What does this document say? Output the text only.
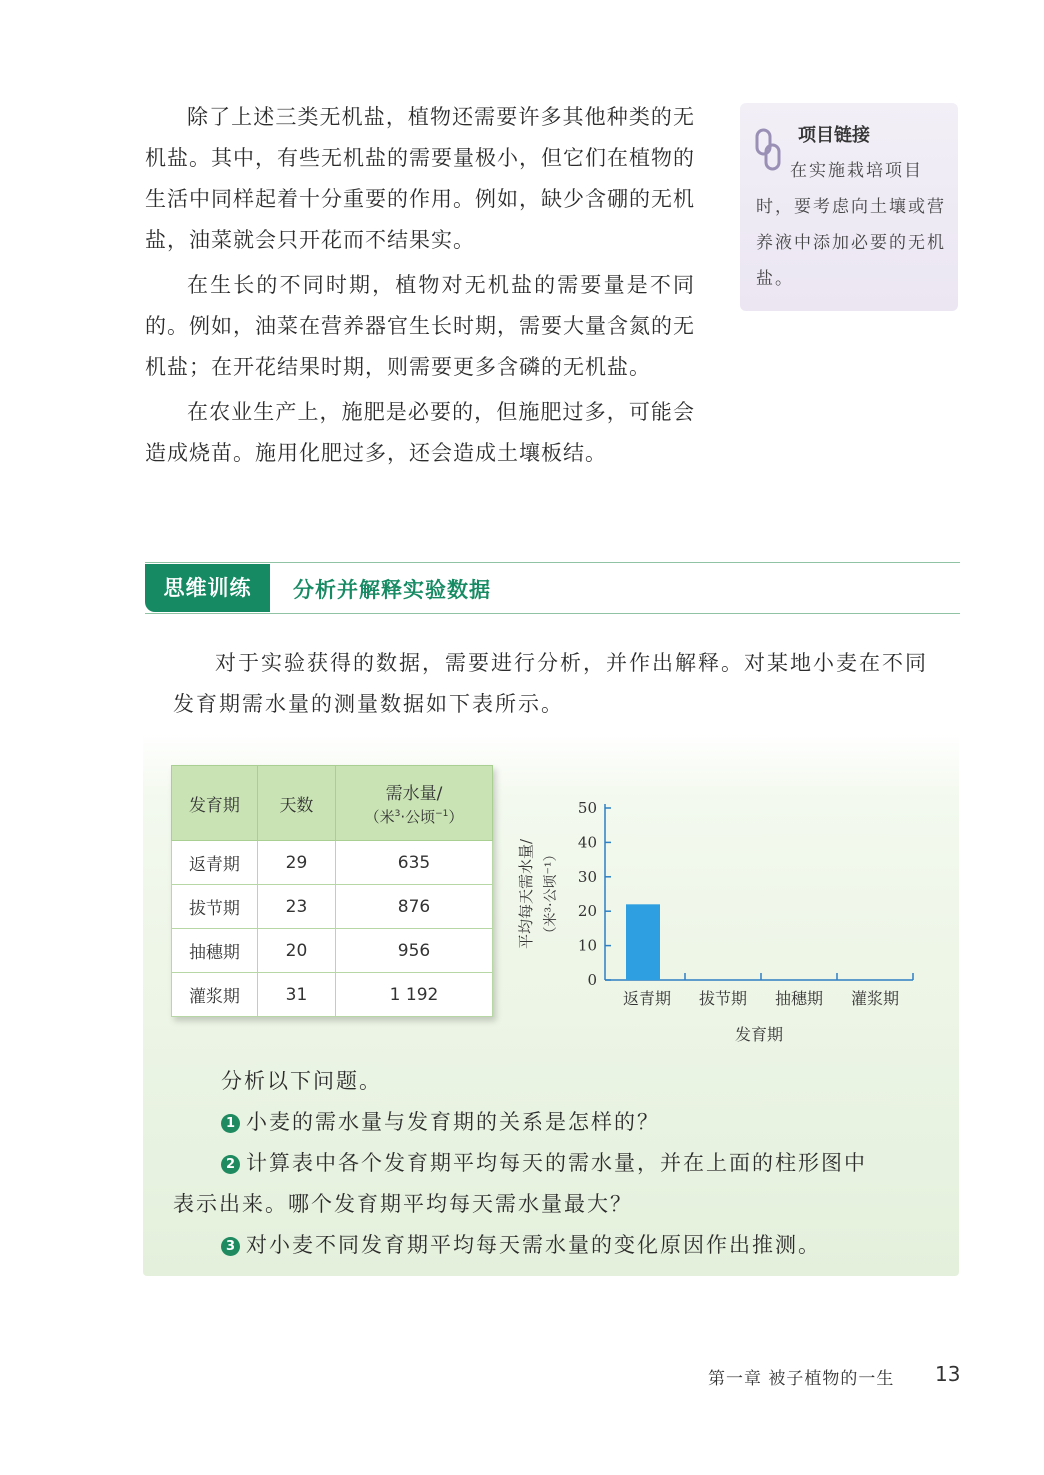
除了上述三类无机盐，植物还需要许多其他种类的无机盐。其中，有些无机盐的需要量极小，但它们在植物的生活中同样起着十分重要的作用。例如，缺少含硼的无机盐，油菜就会只开花而不结果实。

在生长的不同时期，植物对无机盐的需要量是不同的。例如，油菜在营养器官生长时期，需要大量含氮的无机盐；在开花结果时期，则需要更多含磷的无机盐。

在农业生产上，施肥是必要的，但施肥过多，可能会造成烧苗。施用化肥过多，还会造成土壤板结。

项目链接
在实施栽培项目时，要考虑向土壤或营养液中添加必要的无机盐。
思维训练	分析并解释实验数据

对于实验获得的数据，需要进行分析，并作出解释。对某地小麦在不同发育期需水量的测量数据如下表所示。

发育期	天数	需水量/
（米$^3$·公顷$^{-1}$）

返青期	29	635
拔节期	23	876
抽穗期	20	956
灌浆期	31	1 192
平均每天需水量/ （米³·公顷⁻¹）
0
10
20
30
40
50
返青期 拔节期 抽穗期 灌浆期
发育期

分析以下问题。

1 小麦的需水量与发育期的关系是怎样的？

2 计算表中各个发育期平均每天的需水量，并在上面的柱形图中

表示出来。哪个发育期平均每天需水量最大？

3 对小麦不同发育期平均每天需水量的变化原因作出推测。

第一章 被子植物的一生 13
